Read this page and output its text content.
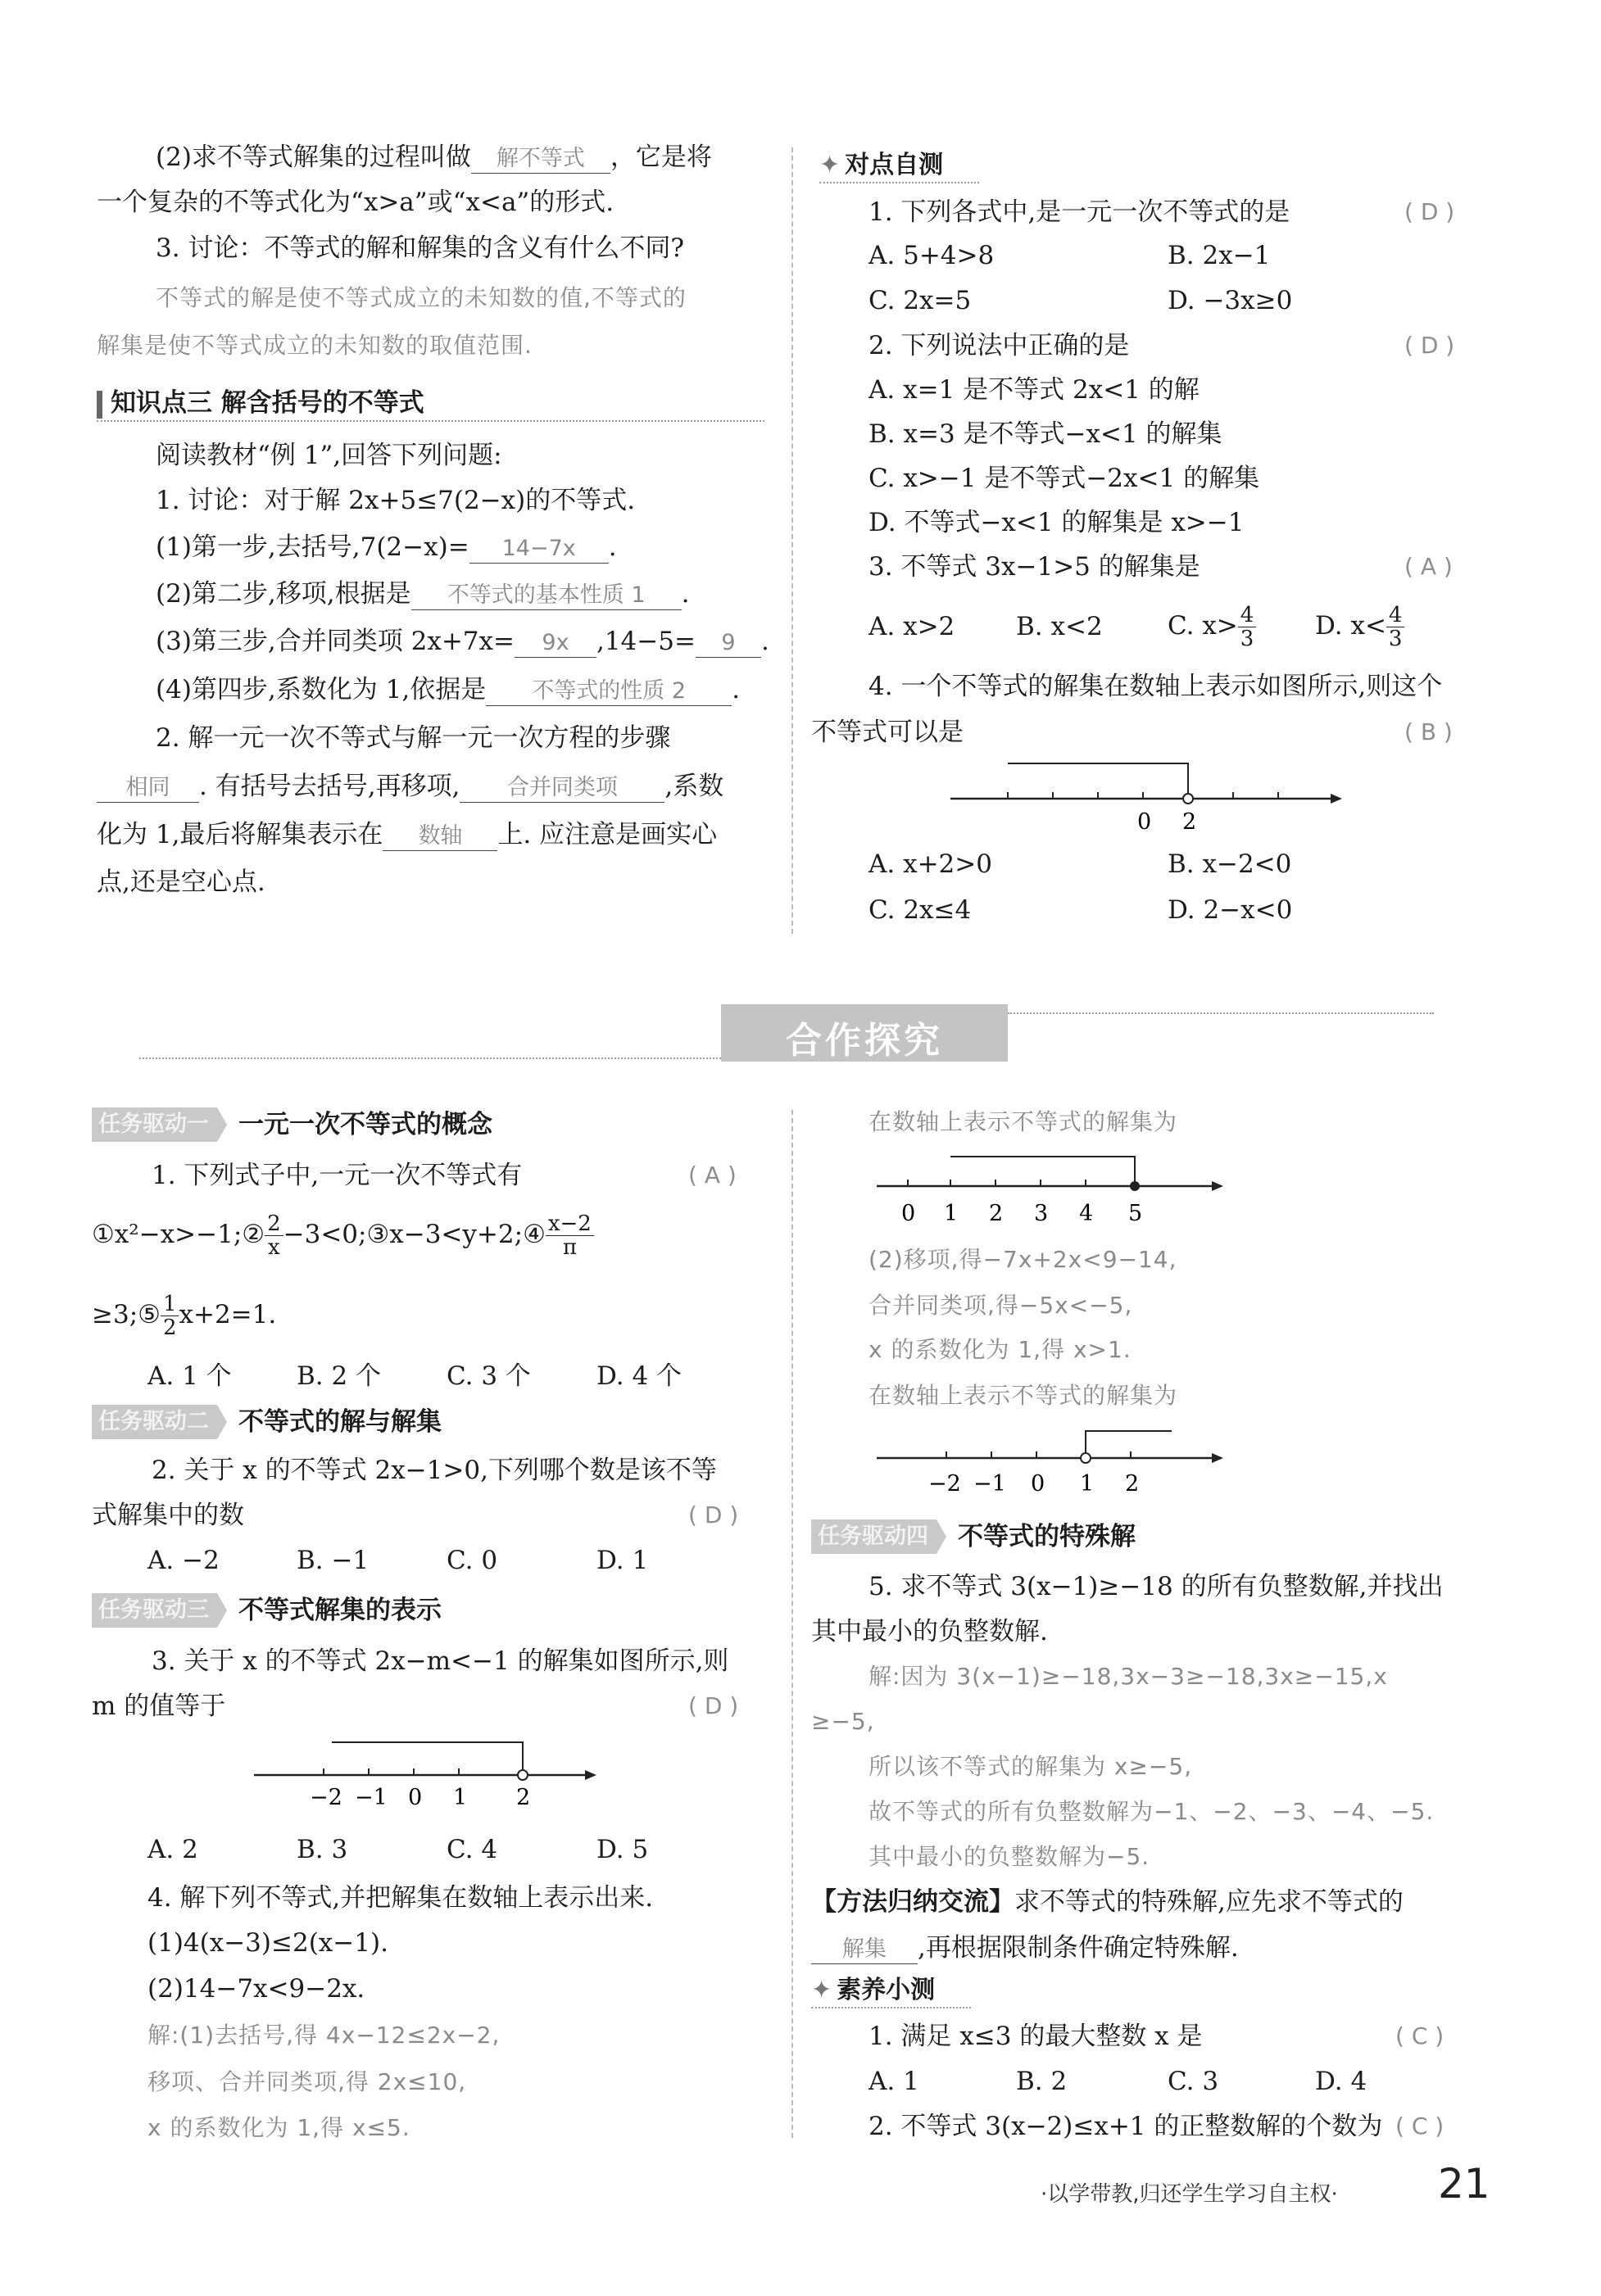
(2)求不等式解集的过程叫做 解不等式 ，它是将
一个复杂的不等式化为“x>a”或“x<a”的形式.
3. 讨论：不等式的解和解集的含义有什么不同?
不等式的解是使不等式成立的未知数的值,不等式的
解集是使不等式成立的未知数的取值范围.
知识点三 解含括号的不等式
阅读教材“例 1”,回答下列问题:
1. 讨论：对于解 2x+5≤7(2−x)的不等式.
(1)第一步,去括号,7(2−x)= 14−7x .
(2)第二步,移项,根据是 不等式的基本性质 1 .
(3)第三步,合并同类项 2x+7x= 9x ,14−5= 9 .
(4)第四步,系数化为 1,依据是 不等式的性质 2 .
2. 解一元一次不等式与解一元一次方程的步骤
相同 . 有括号去括号,再移项, 合并同类项 ,系数
化为 1,最后将解集表示在 数轴 上. 应注意是画实心
点,还是空心点.
✦ 对点自测
1. 下列各式中,是一元一次不等式的是	( D )
A. 5+4>8	B. 2x−1
C. 2x=5	D. −3x≥0
2. 下列说法中正确的是	( D )
A. x=1 是不等式 2x<1 的解
B. x=3 是不等式−x<1 的解集
C. x>−1 是不等式−2x<1 的解集
D. 不等式−x<1 的解集是 x>−1
3. 不等式 3x−1>5 的解集是	( A )
A. x>2 B. x<2	C. $x> \frac{4}{3} D$. $x< \frac{4}{3}$
4. 一个不等式的解集在数轴上表示如图所示,则这个
不等式可以是	( B )
0 2
A. x+2>0	B. x−2<0
C. 2x≤4	D. 2−x<0
合作探究
任务驱动一 一元一次不等式的概念
1. 下列式子中,一元一次不等式有	( A )
①x²−x>−1;② $\frac{2}{x}$ −3<0;③x−3<y+2;④ $\frac{x-2}{\pi}$
≥3;⑤ $\frac{1}{2} x+2=1$.
A. 1 个	B. 2 个	C. 3 个	D. 4 个
任务驱动二 不等式的解与解集
2. 关于 x 的不等式 2x−1>0,下列哪个数是该不等
式解集中的数	( D )
A. −2	B. −1	C. 0	D. 1
任务驱动三 不等式解集的表示
3. 关于 x 的不等式 2x−m<−1 的解集如图所示,则
m 的值等于	( D )
−2 −1 0 1 2
A. 2	B. 3	C. 4	D. 5
4. 解下列不等式,并把解集在数轴上表示出来.
(1)4(x−3)≤2(x−1).
(2)14−7x<9−2x.
解:(1)去括号,得 4x−12≤2x−2,
移项、合并同类项,得 2x≤10,
x 的系数化为 1,得 x≤5.
在数轴上表示不等式的解集为
0 1 2 3 4 5
(2)移项,得−7x+2x<9−14,
合并同类项,得−5x<−5,
x 的系数化为 1,得 x>1.
在数轴上表示不等式的解集为
−2 −1 0 1 2
任务驱动四 不等式的特殊解
5. 求不等式 3(x−1)≥−18 的所有负整数解,并找出
其中最小的负整数解.
解:因为 3(x−1)≥−18,3x−3≥−18,3x≥−15,x
≥−5,
所以该不等式的解集为 x≥−5,
故不等式的所有负整数解为−1、−2、−3、−4、−5.
其中最小的负整数解为−5.
【方法归纳交流】求不等式的特殊解,应先求不等式的
解集 ,再根据限制条件确定特殊解.
✦ 素养小测
1. 满足 x≤3 的最大整数 x 是	( C )
A. 1	B. 2	C. 3	D. 4
2. 不等式 3(x−2)≤x+1 的正整数解的个数为 ( C )
·以学带教,归还学生学习自主权· 21
